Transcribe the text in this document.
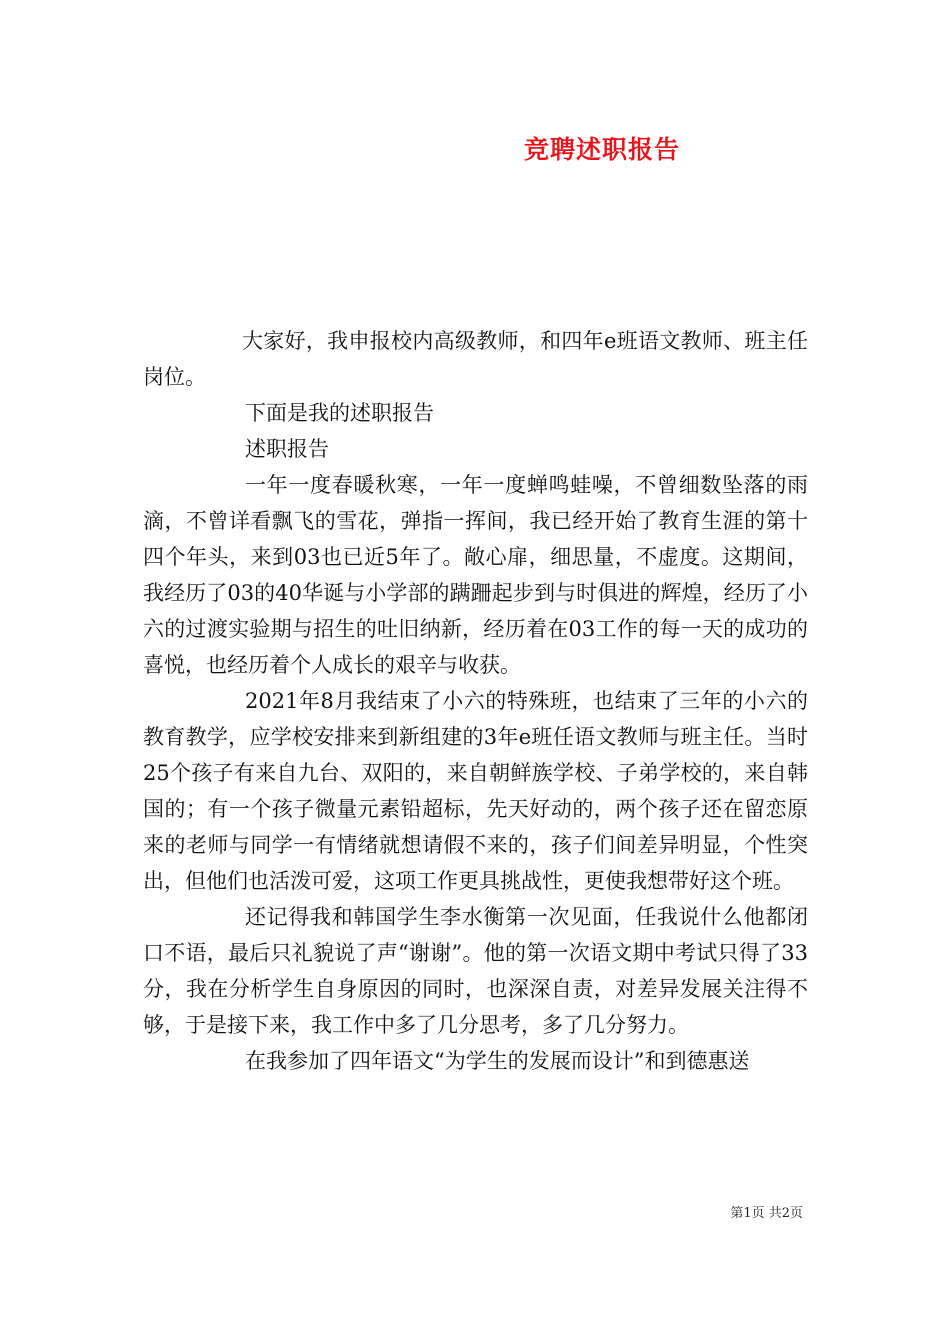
竞聘述职报告

大家好，我申报校内高级教师，和四年e班语文教师、班主任岗位。

下面是我的述职报告

述职报告

一年一度春暖秋寒，一年一度蝉鸣蛙噪，不曾细数坠落的雨滴，不曾详看飘飞的雪花，弹指一挥间，我已经开始了教育生涯的第十四个年头，来到03也已近5年了。敞心扉，细思量，不虚度。这期间，我经历了03的40华诞与小学部的蹒跚起步到与时俱进的辉煌，经历了小六的过渡实验期与招生的吐旧纳新，经历着在03工作的每一天的成功的喜悦，也经历着个人成长的艰辛与收获。

2021年8月我结束了小六的特殊班，也结束了三年的小六的教育教学，应学校安排来到新组建的3年e班任语文教师与班主任。当时25个孩子有来自九台、双阳的，来自朝鲜族学校、子弟学校的，来自韩国的；有一个孩子微量元素铅超标，先天好动的，两个孩子还在留恋原来的老师与同学一有情绪就想请假不来的，孩子们间差异明显，个性突出，但他们也活泼可爱，这项工作更具挑战性，更使我想带好这个班。

还记得我和韩国学生李水衡第一次见面，任我说什么他都闭口不语，最后只礼貌说了声“谢谢”。他的第一次语文期中考试只得了33分，我在分析学生自身原因的同时，也深深自责，对差异发展关注得不够，于是接下来，我工作中多了几分思考，多了几分努力。

在我参加了四年语文“为学生的发展而设计”和到德惠送

第1页 共2页
